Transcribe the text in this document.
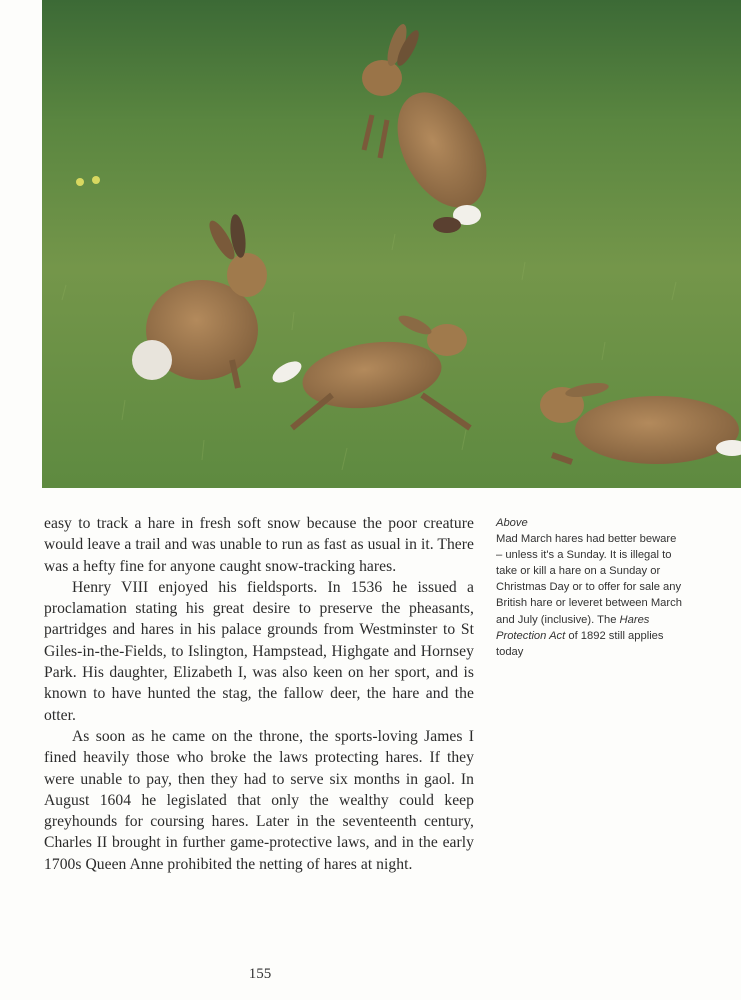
easy to track a hare in fresh soft snow because the poor creature would leave a trail and was unable to run as fast as usual in it. There was a hefty fine for anyone caught snow-tracking hares.

Henry VIII enjoyed his fieldsports. In 1536 he issued a proclamation stating his great desire to preserve the pheasants, partridges and hares in his palace grounds from Westminster to St Giles-in-the-Fields, to Islington, Hampstead, Highgate and Hornsey Park. His daughter, Elizabeth I, was also keen on her sport, and is known to have hunted the stag, the fallow deer, the hare and the otter.

As soon as he came on the throne, the sports-loving James I fined heavily those who broke the laws protecting hares. If they were unable to pay, then they had to serve six months in gaol. In August 1604 he legislated that only the wealthy could keep greyhounds for coursing hares. Later in the seventeenth century, Charles II brought in further game-protective laws, and in the early 1700s Queen Anne prohibited the netting of hares at night.

Above
Mad March hares had better beware – unless it's a Sunday. It is illegal to take or kill a hare on a Sunday or Christmas Day or to offer for sale any British hare or leveret between March and July (inclusive). The Hares Protection Act of 1892 still applies today
155
